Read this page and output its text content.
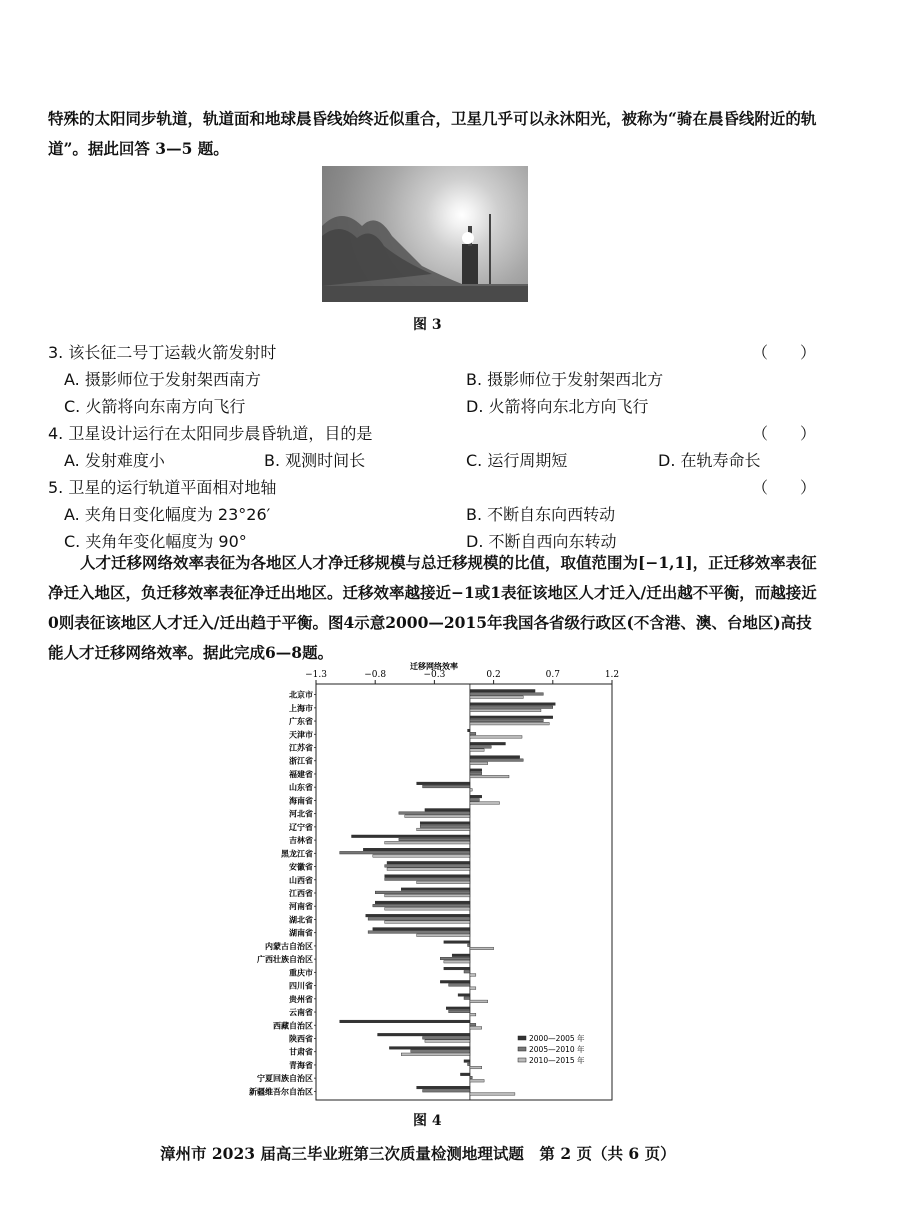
特殊的太阳同步轨道，轨道面和地球晨昏线始终近似重合，卫星几乎可以永沐阳光，被称为“骑在晨昏线附近的轨道”。据此回答 3—5 题。
图 3
3. 该长征二号丁运载火箭发射时	（　　）
A. 摄影师位于发射架西南方	B. 摄影师位于发射架西北方
C. 火箭将向东南方向飞行	D. 火箭将向东北方向飞行
4. 卫星设计运行在太阳同步晨昏轨道，目的是	（　　）
A. 发射难度小	B. 观测时间长	C. 运行周期短	D. 在轨寿命长
5. 卫星的运行轨道平面相对地轴	（　　）
A. 夹角日变化幅度为 23°26′	B. 不断自东向西转动
C. 夹角年变化幅度为 90°	D. 不断自西向东转动
人才迁移网络效率表征为各地区人才净迁移规模与总迁移规模的比值，取值范围为[−1,1]，正迁移效率表征净迁入地区，负迁移效率表征净迁出地区。迁移效率越接近−1或1表征该地区人才迁入/迁出越不平衡，而越接近0则表征该地区人才迁入/迁出趋于平衡。图4示意2000—2015年我国各省级行政区(不含港、澳、台地区)高技能人才迁移网络效率。据此完成6—8题。
迁移网络效率
−1.3	−0.8	−0.3	0.2	0.7	1.2
北京市
上海市
广东省
天津市
江苏省
浙江省
福建省
山东省
海南省
河北省
辽宁省
吉林省
黑龙江省
安徽省
山西省
江西省
河南省
湖北省
湖南省
内蒙古自治区
广西壮族自治区
重庆市
四川省
贵州省
云南省
西藏自治区
陕西省
甘肃省
青海省
宁夏回族自治区
新疆维吾尔自治区
2000—2005 年
2005—2010 年
2010—2015 年
图 4
漳州市 2023 届高三毕业班第三次质量检测地理试题　第 2 页（共 6 页）
